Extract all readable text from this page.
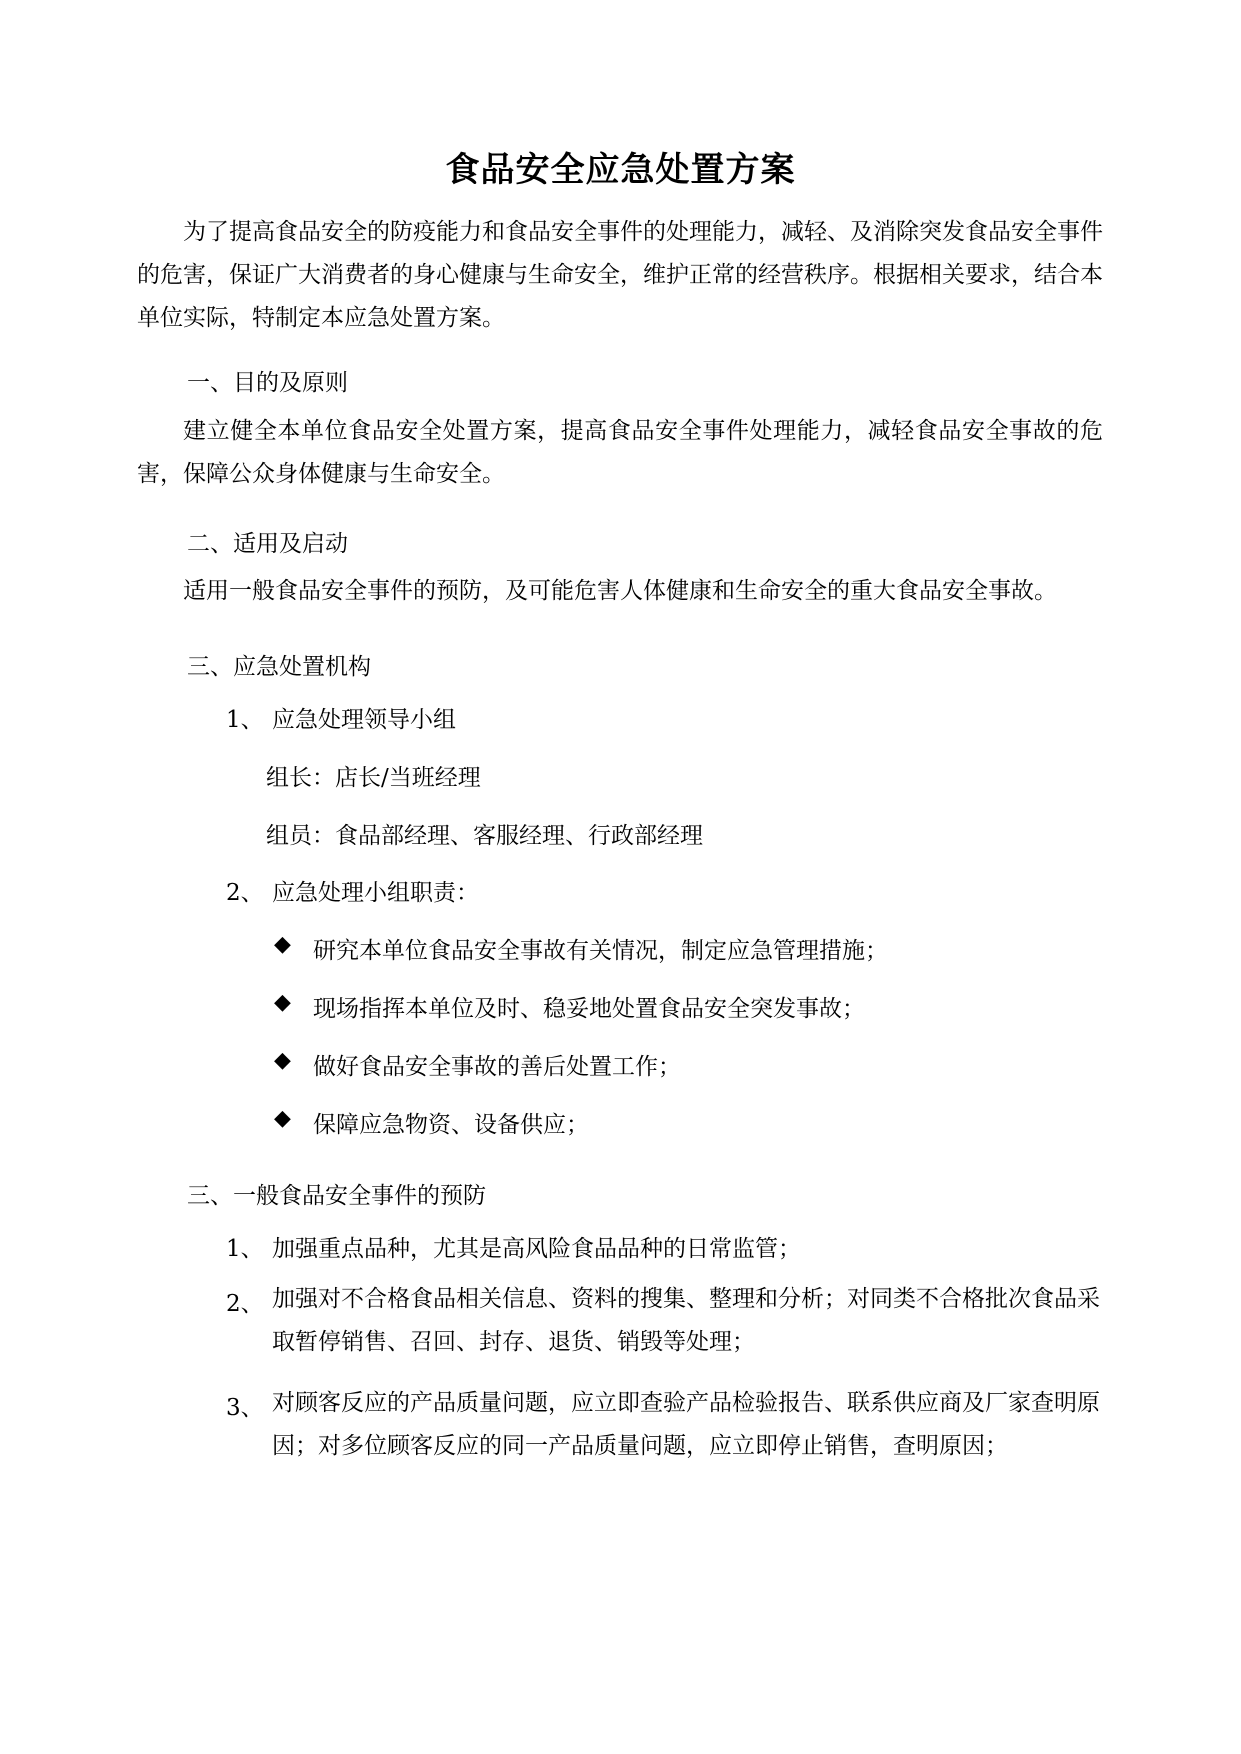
食品安全应急处置方案
为了提高食品安全的防疫能力和食品安全事件的处理能力，减轻、及消除突发食品安全事件的危害，保证广大消费者的身心健康与生命安全，维护正常的经营秩序。根据相关要求，结合本单位实际，特制定本应急处置方案。
一、目的及原则
建立健全本单位食品安全处置方案，提高食品安全事件处理能力，减轻食品安全事故的危害，保障公众身体健康与生命安全。
二、适用及启动
适用一般食品安全事件的预防，及可能危害人体健康和生命安全的重大食品安全事故。
三、应急处置机构
1、 应急处理领导小组
组长：店长/当班经理
组员：食品部经理、客服经理、行政部经理
2、 应急处理小组职责：
◆ 研究本单位食品安全事故有关情况，制定应急管理措施；
◆ 现场指挥本单位及时、稳妥地处置食品安全突发事故；
◆ 做好食品安全事故的善后处置工作；
◆ 保障应急物资、设备供应；
三、一般食品安全事件的预防
1、 加强重点品种，尤其是高风险食品品种的日常监管；
2、 加强对不合格食品相关信息、资料的搜集、整理和分析；对同类不合格批次食品采取暂停销售、召回、封存、退货、销毁等处理；
3、 对顾客反应的产品质量问题，应立即查验产品检验报告、联系供应商及厂家查明原因；对多位顾客反应的同一产品质量问题，应立即停止销售，查明原因；
